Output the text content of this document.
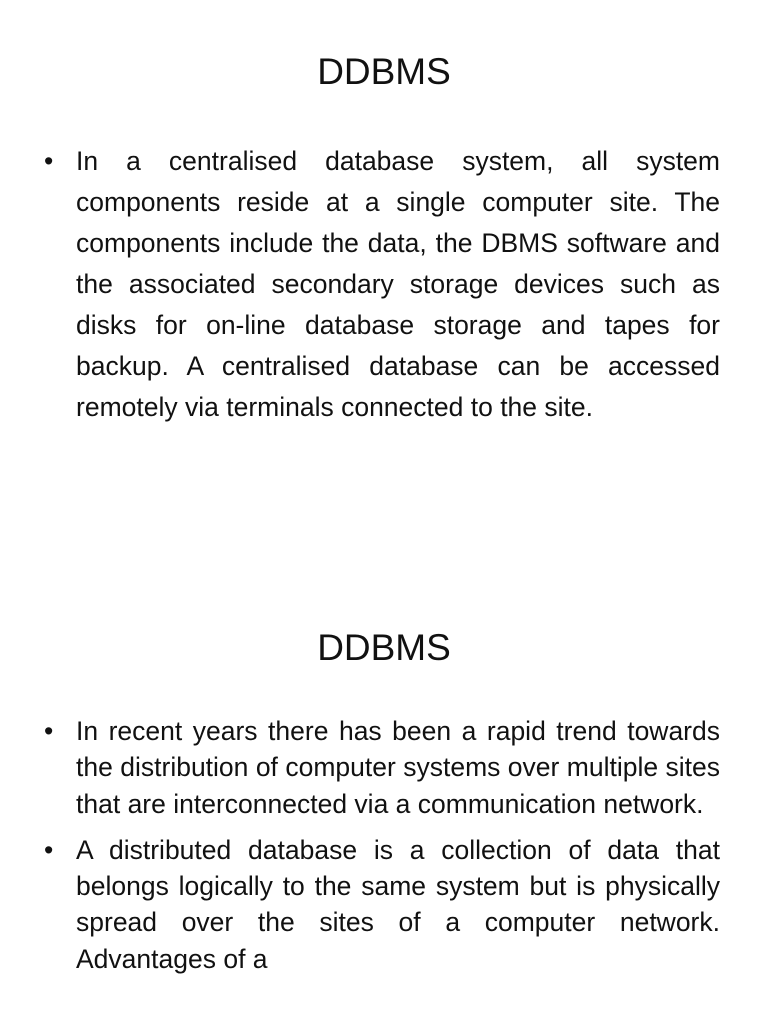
DDBMS
• In a centralised database system, all system components reside at a single computer site. The components include the data, the DBMS software and the associated secondary storage devices such as disks for on-line database storage and tapes for backup. A centralised database can be accessed remotely via terminals connected to the site.
DDBMS
• In recent years there has been a rapid trend towards the distribution of computer systems over multiple sites that are interconnected via a communication network.
• A distributed database is a collection of data that belongs logically to the same system but is physically spread over the sites of a computer network. Advantages of a
